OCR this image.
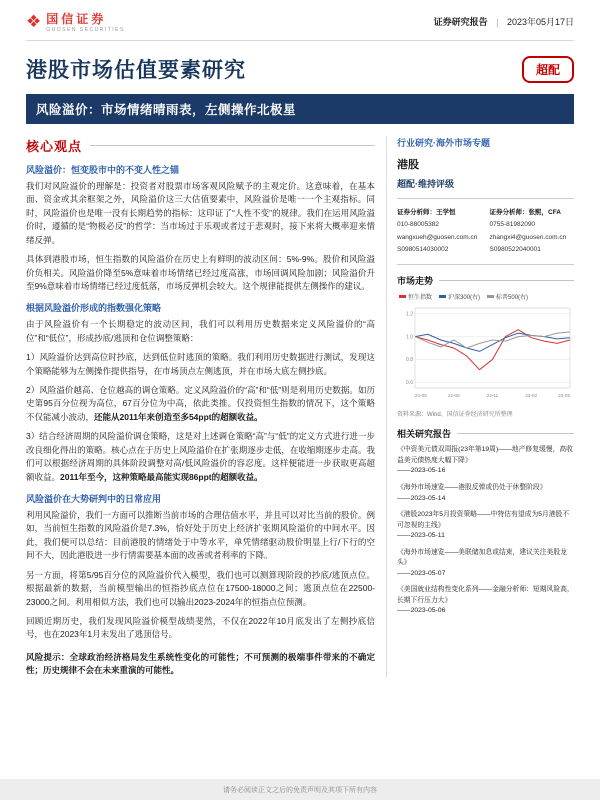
❖ 国信证券
GUOSEN SECURITIES
证券研究报告 | 2023年05月17日
港股市场估值要素研究	超配
风险溢价：市场情绪晴雨表，左侧操作北极星
核心观点
风险溢价：恒变股市中的不变人性之锚
我们对风险溢价的理解是：投资者对股票市场客观风险赋予的主观定价。这意味着，在基本面、资金或其余框架之外，风险溢价这三大估值要素中，风险溢价是唯一一个主观指标。同时，风险溢价也是唯一没有长期趋势的指标：这印证了“人性不变”的规律。我们在运用风险溢价时，遵循的是“物极必反”的哲学：当市场过于乐观或者过于悲观时，接下来将大概率迎来情绪反弹。
具体到港股市场，恒生指数的风险溢价在历史上有鲜明的波动区间：5%-9%。股价和风险溢价负相关。风险溢价降至5%意味着市场情绪已经过度高涨，市场回调风险加剧；风险溢价升至9%意味着市场情绪已经过度低落，市场反弹机会较大。这个规律能提供左侧操作的建议。
根据风险溢价形成的指数强化策略
由于风险溢价有一个长期稳定的波动区间，我们可以利用历史数据来定义风险溢价的“高位”和“低位”，形成抄底/逃顶和仓位调整策略：
1）风险溢价达到高位时抄底，达到低位时逃顶的策略。我们利用历史数据进行测试，发现这个策略能够为左侧操作提供指导，在市场顶点左侧逃顶，并在市场大底左侧抄底。
2）风险溢价越高、仓位越高的调仓策略。定义风险溢价的“高”和“低”则是利用历史数据。如历史第95百分位视为高位，67百分位为中高，依此类推。仅投资恒生指数的情况下，这个策略不仅能减小波动，还能从2011年来创造至多54ppt的超额收益。
3）结合经济周期的风险溢价调仓策略，这是对上述调仓策略“高”与“低”的定义方式进行进一步改良细化得出的策略。核心点在于历史上风险溢价在扩张期逐步走低，在收缩期逐步走高。我们可以根据经济周期的具体阶段调整对高/低风险溢价的容忍度。这样便能进一步获取更高超额收益。2011年至今，这种策略最高能实现86ppt的超额收益。
风险溢价在大势研判中的日常应用
利用风险溢价，我们一方面可以推断当前市场的合理估值水平，并且可以对比当前的股价。例如，当前恒生指数的风险溢价是7.3%，恰好处于历史上经济扩张期风险溢价的中间水平。因此，我们便可以总结：目前港股的情绪处于中等水平，单凭情绪驱动股价明显上行/下行的空间不大，因此港股进一步行情需要基本面的改善或者利率的下降。
另一方面，将第5/95百分位的风险溢价代入模型，我们也可以测算现阶段的抄底/逃顶点位。根据最新的数据，当前模型输出的恒指抄底点位在17500-18000之间；逃顶点位在22500-23000之间。利用相似方法，我们也可以输出2023-2024年的恒指点位预测。
回顾近期历史，我们发现风险溢价模型战绩斐然，不仅在2022年10月底发出了左侧抄底信号，也在2023年1月末发出了逃顶信号。
风险提示：全球政治经济格局发生系统性变化的可能性；不可预测的极端事件带来的不确定性；历史规律不会在未来重演的可能性。
行业研究·海外市场专题
港股
超配·维持评级
证券分析师：王学恒
010-88005382
wangxueh@guosen.com.cn
S0980514030002
证券分析师：张熙，CFA
0755-81982090
zhangxi4@guosen.com.cn
S0980522040001
市场走势
恒生指数	沪深300(右)	标普500(右)
0.6
0.8
1.0
1.2
22-05	22-08	22-11	23-02	23-05
资料来源：Wind、国信证券经济研究所整理
相关研究报告
《中资美元债双周报(23年第19周)——地产修复缓慢，高收益美元债热度大幅下降》
——2023-05-16
《海外市场速览——港股反弹或仍处于休整阶段》
——2023-05-14
《港股2023年5月投资策略——中特估有望成为5月港股不可忽视的主线》
——2023-05-11
《海外市场速览——美联储加息或结束，建议关注美股龙头》
——2023-05-07
《美国就业结构性变化系列——金融分析师：短期风险高，长期下行压力大》
——2023-05-06
请务必阅读正文之后的免责声明及其项下所有内容
